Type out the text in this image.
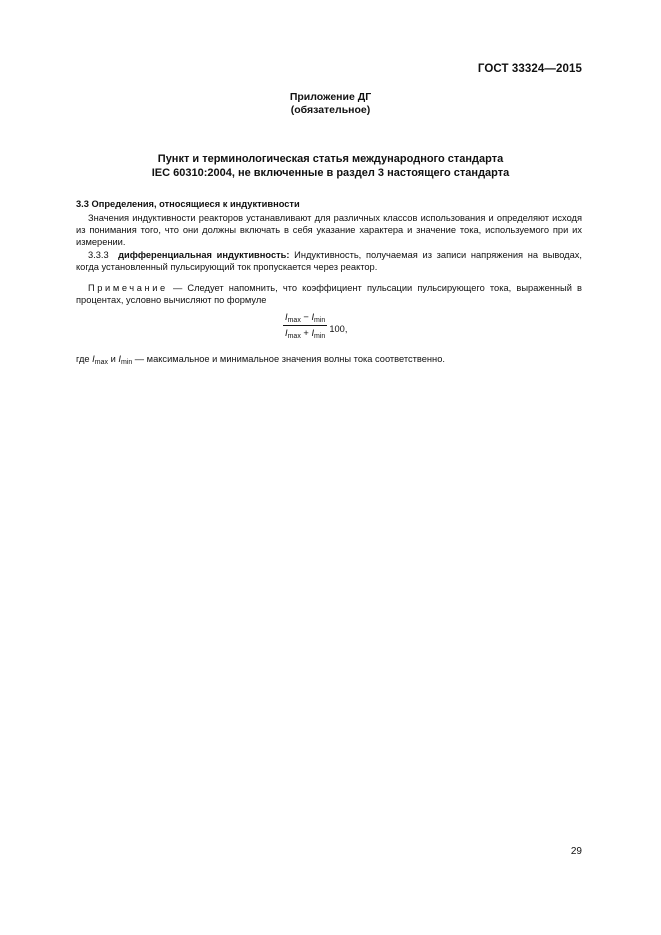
ГОСТ 33324—2015
Приложение ДГ
(обязательное)
Пункт и терминологическая статья международного стандарта
IEC 60310:2004, не включенные в раздел 3 настоящего стандарта
3.3 Определения, относящиеся к индуктивности
Значения индуктивности реакторов устанавливают для различных классов использования и определяют исходя из понимания того, что они должны включать в себя указание характера и значение тока, используемого при их измерении.
3.3.3 дифференциальная индуктивность: Индуктивность, получаемая из записи напряжения на выводах, когда установленный пульсирующий ток пропускается через реактор.
Примечание — Следует напомнить, что коэффициент пульсации пульсирующего тока, выраженный в процентах, условно вычисляют по формуле
$\frac{I_{max} - I_{min}}{I_{max} + I_{min}} 100$,
где $I_{max}$ и $I_{min}$ — максимальное и минимальное значения волны тока соответственно.
29
